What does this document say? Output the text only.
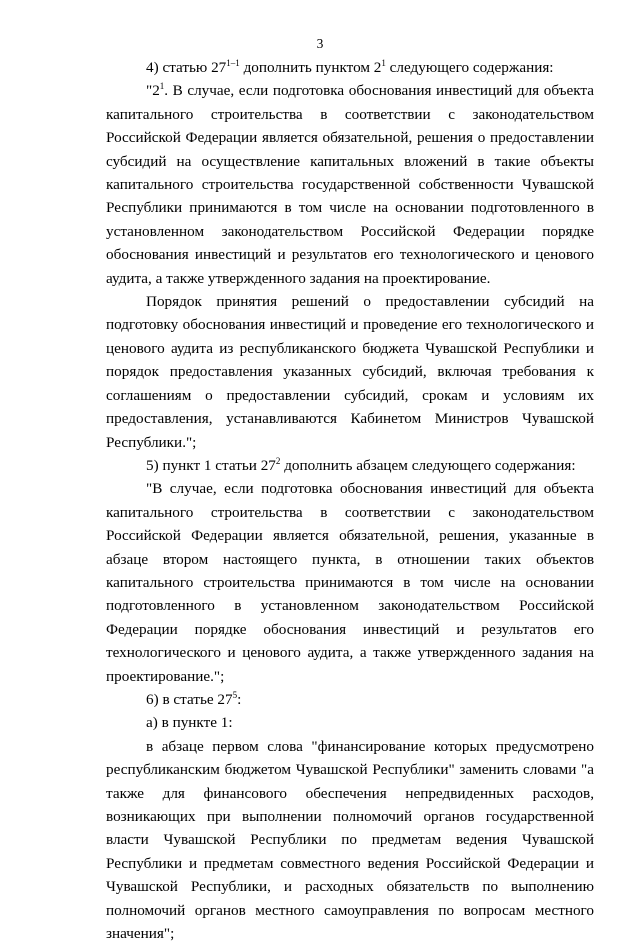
3

4) статью 27$^{1-1}$ дополнить пунктом $2^1$ следующего содержания:

"$2^1$. В случае, если подготовка обоснования инвестиций для объекта капитального строительства в соответствии с законодательством Российской Федерации является обязательной, решения о предоставлении субсидий на осуществление капитальных вложений в такие объекты капитального строительства государственной собственности Чувашской Республики принимаются в том числе на основании подготовленного в установленном законодательством Российской Федерации порядке обоснования инвестиций и результатов его технологического и ценового аудита, а также утвержденного задания на проектирование.

Порядок принятия решений о предоставлении субсидий на подготовку обоснования инвестиций и проведение его технологического и ценового аудита из республиканского бюджета Чувашской Республики и порядок предоставления указанных субсидий, включая требования к соглашениям о предоставлении субсидий, срокам и условиям их предоставления, устанавливаются Кабинетом Министров Чувашской Республики.";

5) пункт 1 статьи $27^2$ дополнить абзацем следующего содержания:

"В случае, если подготовка обоснования инвестиций для объекта капитального строительства в соответствии с законодательством Российской Федерации является обязательной, решения, указанные в абзаце втором настоящего пункта, в отношении таких объектов капитального строительства принимаются в том числе на основании подготовленного в установленном законодательством Российской Федерации порядке обоснования инвестиций и результатов его технологического и ценового аудита, а также утвержденного задания на проектирование.";

6) в статье $27^5$:

а) в пункте 1:

в абзаце первом слова "финансирование которых предусмотрено республиканским бюджетом Чувашской Республики" заменить словами "а также для финансового обеспечения непредвиденных расходов, возникающих при выполнении полномочий органов государственной власти Чувашской Республики по предметам ведения Чувашской Республики и предметам совместного ведения Российской Федерации и Чувашской Республики, и расходных обязательств по выполнению полномочий органов местного самоуправления по вопросам местного значения";
